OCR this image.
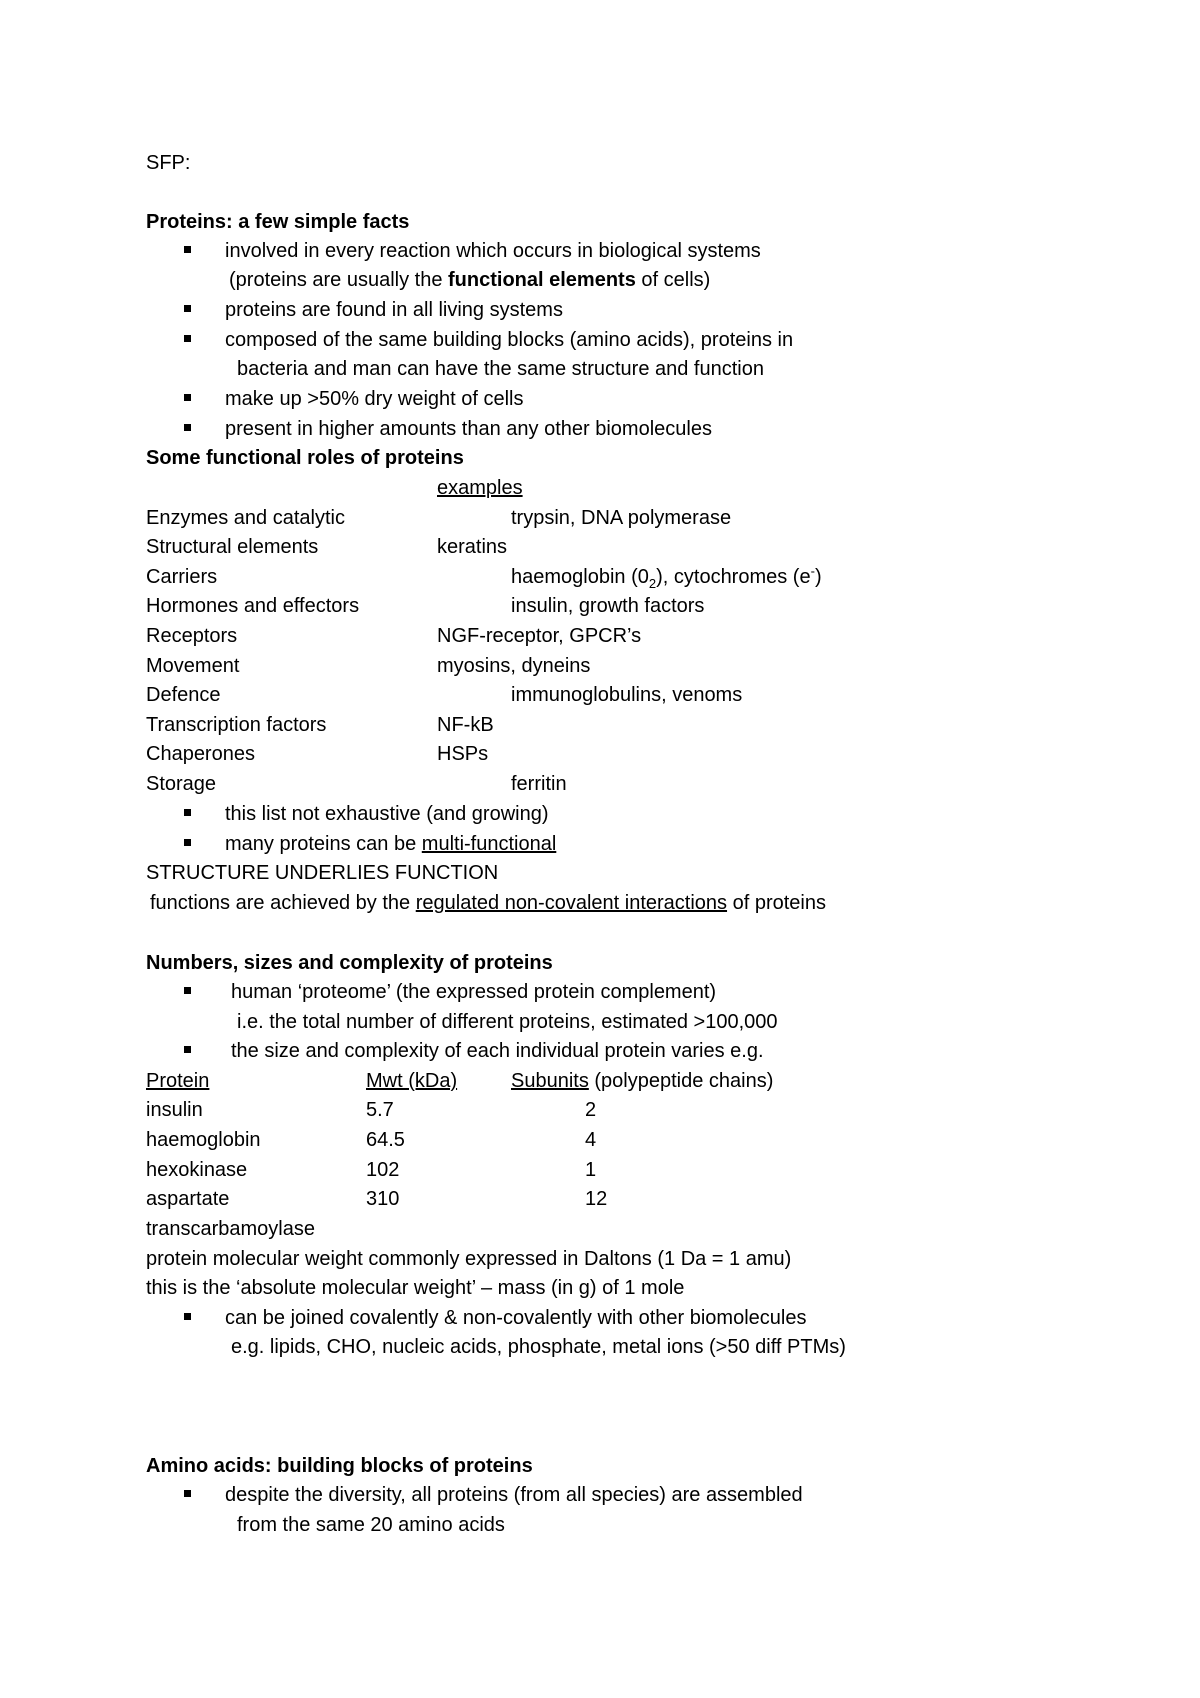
SFP:
Proteins: a few simple facts
involved in every reaction which occurs in biological systems
(proteins are usually the functional elements of cells)
proteins are found in all living systems
composed of the same building blocks (amino acids), proteins in
bacteria and man can have the same structure and function
make up >50% dry weight of cells
present in higher amounts than any other biomolecules
Some functional roles of proteins
examples
Enzymes and catalytic	trypsin, DNA polymerase
Structural elements	keratins
Carriers	haemoglobin $(0_2)$, cytochromes (e-)
Hormones and effectors	insulin, growth factors
Receptors	NGF-receptor, GPCR’s
Movement	myosins, dyneins
Defence	immunoglobulins, venoms
Transcription factors	NF-kB
Chaperones	HSPs
Storage	ferritin
this list not exhaustive (and growing)
many proteins can be multi-functional
STRUCTURE UNDERLIES FUNCTION
functions are achieved by the regulated non-covalent interactions of proteins
Numbers, sizes and complexity of proteins
human ‘proteome’ (the expressed protein complement)
i.e. the total number of different proteins, estimated >100,000
the size and complexity of each individual protein varies e.g.
Protein	Mwt (kDa)	Subunits (polypeptide chains)
insulin	5.7	2
haemoglobin	64.5	4
hexokinase	102	1
aspartate	310	12
transcarbamoylase
protein molecular weight commonly expressed in Daltons (1 Da = 1 amu)
this is the ‘absolute molecular weight’ – mass (in g) of 1 mole
can be joined covalently & non-covalently with other biomolecules
e.g. lipids, CHO, nucleic acids, phosphate, metal ions (>50 diff PTMs)
Amino acids: building blocks of proteins
despite the diversity, all proteins (from all species) are assembled
from the same 20 amino acids
